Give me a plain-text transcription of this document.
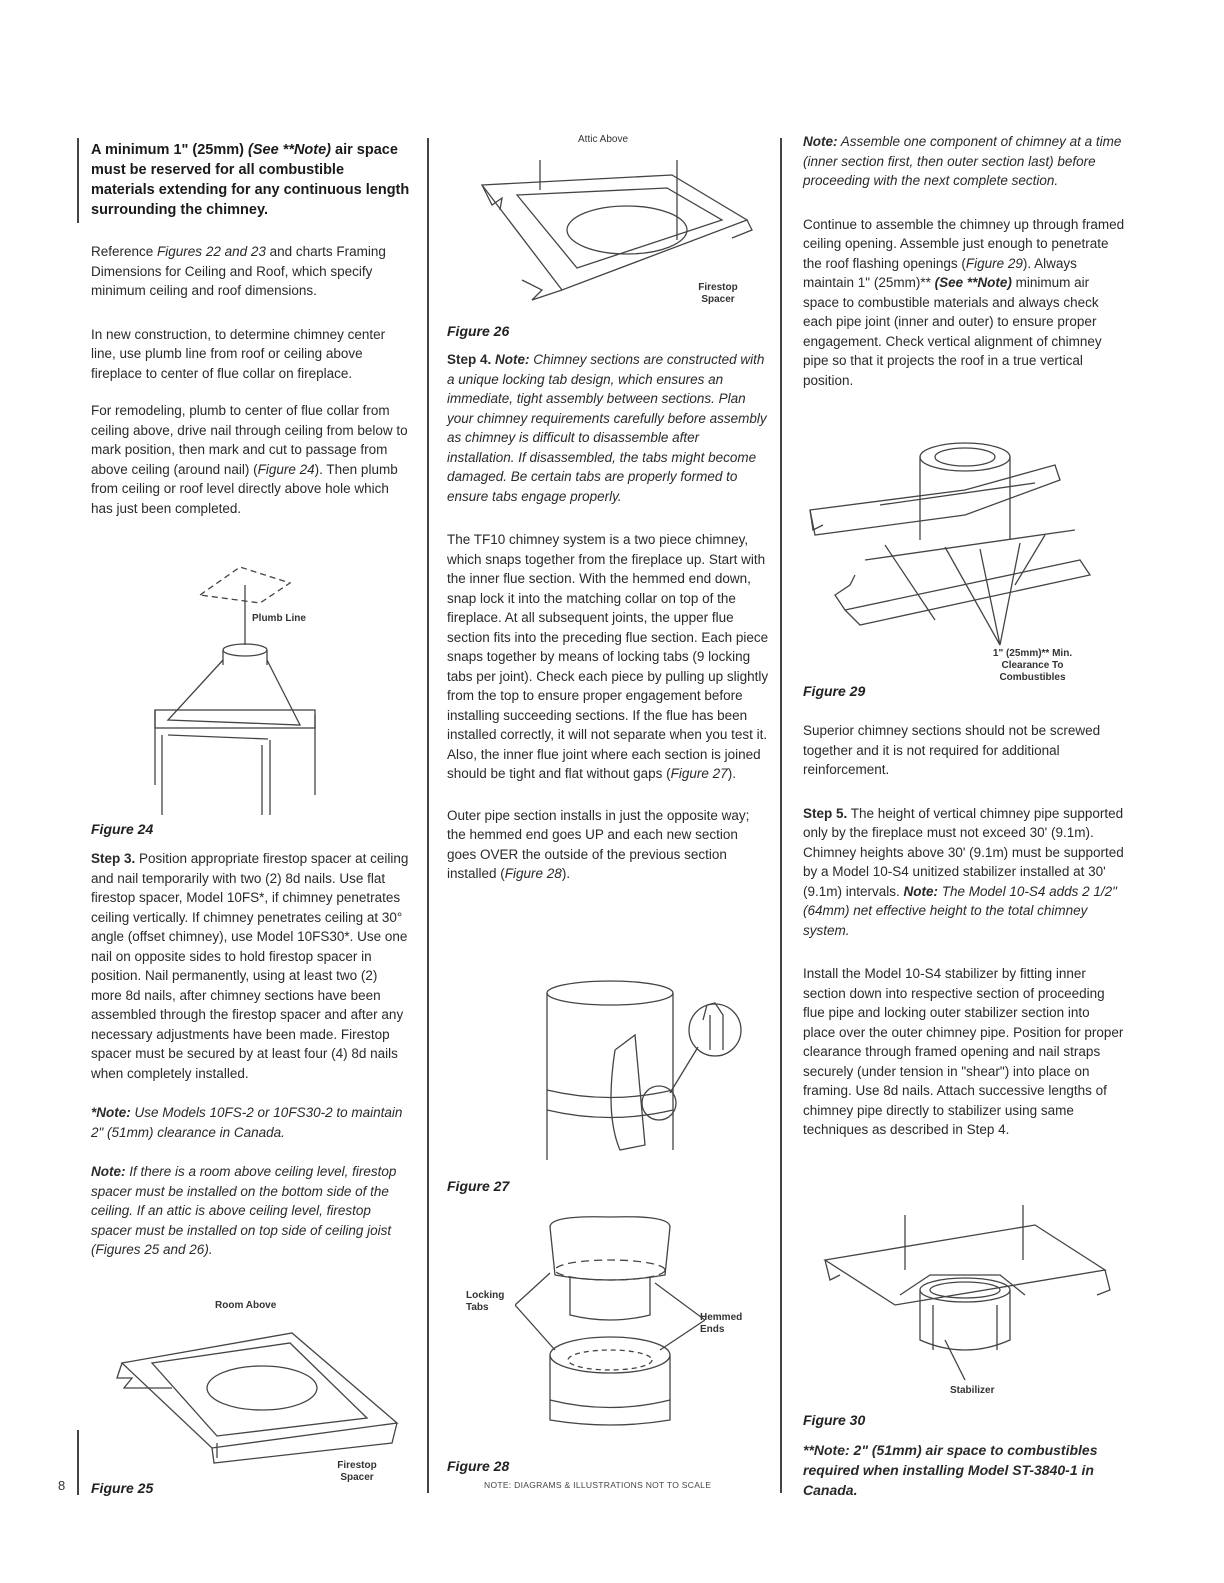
A minimum 1" (25mm) (See **Note) air space must be reserved for all combustible materials extending for any continuous length surrounding the chimney.

Reference Figures 22 and 23 and charts Framing Dimensions for Ceiling and Roof, which specify minimum ceiling and roof dimensions.

In new construction, to determine chimney center line, use plumb line from roof or ceiling above fireplace to center of flue collar on fireplace.

For remodeling, plumb to center of flue collar from ceiling above, drive nail through ceiling from below to mark position, then mark and cut to passage from above ceiling (around nail) (Figure 24). Then plumb from ceiling or roof level directly above hole which has just been completed.

Plumb Line
Figure 24

Step 3. Position appropriate firestop spacer at ceiling and nail temporarily with two (2) 8d nails. Use flat firestop spacer, Model 10FS*, if chimney penetrates ceiling vertically. If chimney penetrates ceiling at 30° angle (offset chimney), use Model 10FS30*. Use one nail on opposite sides to hold firestop spacer in position. Nail permanently, using at least two (2) more 8d nails, after chimney sections have been assembled through the firestop spacer and after any necessary adjustments have been made. Firestop spacer must be secured by at least four (4) 8d nails when completely installed.

*Note: Use Models 10FS-2 or 10FS30-2 to maintain 2" (51mm) clearance in Canada.

Note: If there is a room above ceiling level, firestop spacer must be installed on the bottom side of the ceiling. If an attic is above ceiling level, firestop spacer must be installed on top side of ceiling joist (Figures 25 and 26).

Room Above
Firestop Spacer
8 Figure 25
Attic Above
Firestop Spacer
Figure 26

Step 4. Note: Chimney sections are constructed with a unique locking tab design, which ensures an immediate, tight assembly between sections. Plan your chimney requirements carefully before assembly as chimney is difficult to disassemble after installation. If disassembled, the tabs might become damaged. Be certain tabs are properly formed to ensure tabs engage properly.

The TF10 chimney system is a two piece chimney, which snaps together from the fireplace up. Start with the inner flue section. With the hemmed end down, snap lock it into the matching collar on top of the fireplace. At all subsequent joints, the upper flue section fits into the preceding flue section. Each piece snaps together by means of locking tabs (9 locking tabs per joint). Check each piece by pulling up slightly from the top to ensure proper engagement before installing succeeding sections. If the flue has been installed correctly, it will not separate when you test it. Also, the inner flue joint where each section is joined should be tight and flat without gaps (Figure 27).

Outer pipe section installs in just the opposite way; the hemmed end goes UP and each new section goes OVER the outside of the previous section installed (Figure 28).

Figure 27
Locking Tabs
Hemmed Ends
Figure 28
NOTE: DIAGRAMS & ILLUSTRATIONS NOT TO SCALE

Note: Assemble one component of chimney at a time (inner section first, then outer section last) before proceeding with the next complete section.

Continue to assemble the chimney up through framed ceiling opening. Assemble just enough to penetrate the roof flashing openings (Figure 29). Always maintain 1" (25mm)** (See **Note) minimum air space to combustible materials and always check each pipe joint (inner and outer) to ensure proper engagement. Check vertical alignment of chimney pipe so that it projects the roof in a true vertical position.

1" (25mm)** Min. Clearance To Combustibles
Figure 29

Superior chimney sections should not be screwed together and it is not required for additional reinforcement.

Step 5. The height of vertical chimney pipe supported only by the fireplace must not exceed 30' (9.1m). Chimney heights above 30' (9.1m) must be supported by a Model 10-S4 unitized stabilizer installed at 30' (9.1m) intervals. Note: The Model 10-S4 adds 2 1/2" (64mm) net effective height to the total chimney system.

Install the Model 10-S4 stabilizer by fitting inner section down into respective section of proceeding flue pipe and locking outer stabilizer section into place over the outer chimney pipe. Position for proper clearance through framed opening and nail straps securely (under tension in "shear") into place on framing. Use 8d nails. Attach successive lengths of chimney pipe directly to stabilizer using same techniques as described in Step 4.

Stabilizer
Figure 30
**Note: 2" (51mm) air space to combustibles required when installing Model ST-3840-1 in Canada.
